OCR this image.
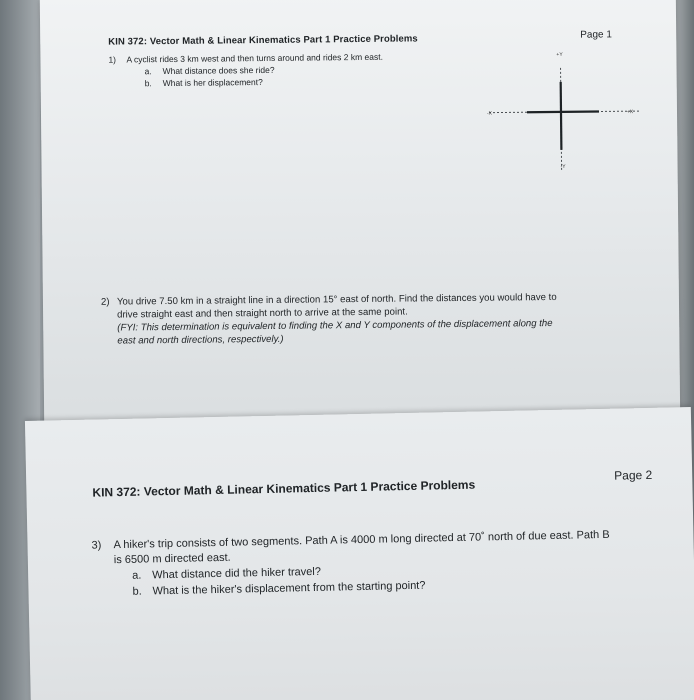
KIN 372: Vector Math & Linear Kinematics Part 1 Practice Problems	Page 1
1) A cyclist rides 3 km west and then turns around and rides 2 km east.
a. What distance does she ride?
b. What is her displacement?
+Y
-Y
+X
-X
2) You drive 7.50 km in a straight line in a direction 15° east of north. Find the distances you would have to
drive straight east and then straight north to arrive at the same point.
(FYI: This determination is equivalent to finding the X and Y components of the displacement along the
east and north directions, respectively.)
KIN 372: Vector Math & Linear Kinematics Part 1 Practice Problems
Page 2
3) A hiker's trip consists of two segments. Path A is 4000 m long directed at 70˚ north of due east. Path B
is 6500 m directed east.
a. What distance did the hiker travel?
b. What is the hiker's displacement from the starting point?
